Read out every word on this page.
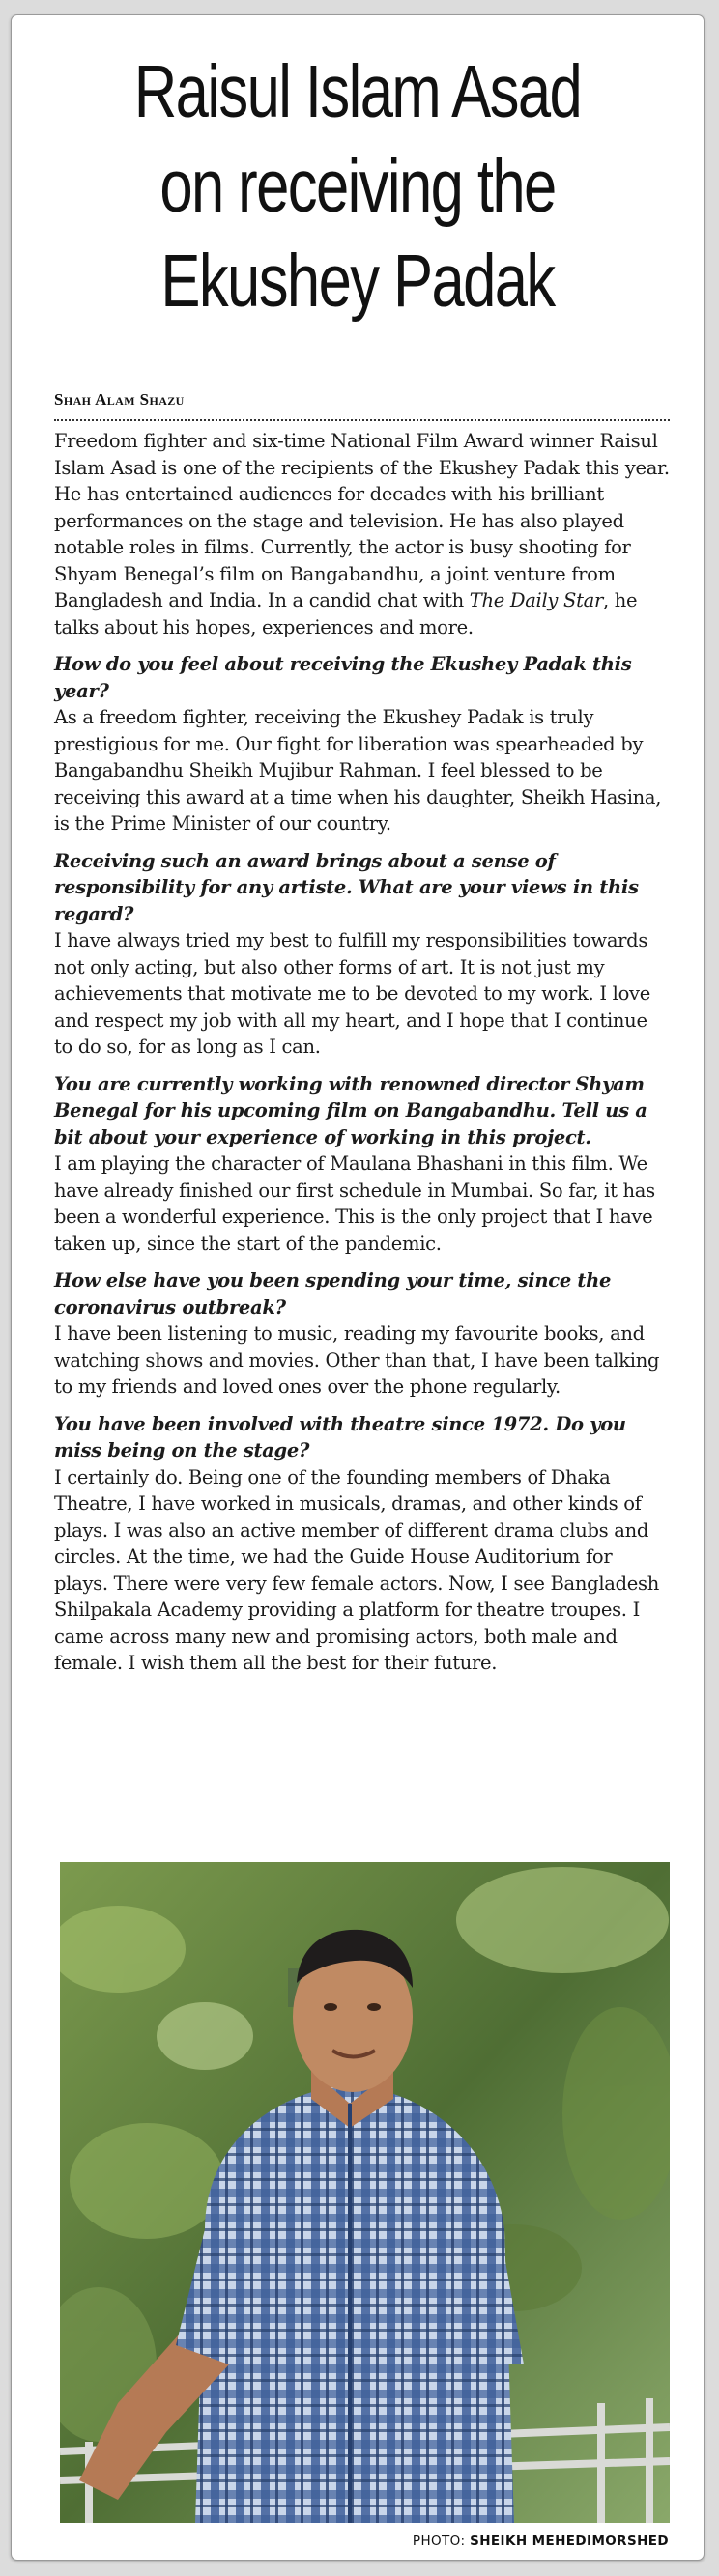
Raisul Islam Asad
on receiving the
Ekushey Padak
Shah Alam Shazu

Freedom fighter and six-time National Film Award winner Raisul Islam Asad is one of the recipients of the Ekushey Padak this year. He has entertained audiences for decades with his brilliant performances on the stage and television. He has also played notable roles in films. Currently, the actor is busy shooting for Shyam Benegal’s film on Bangabandhu, a joint venture from Bangladesh and India. In a candid chat with The Daily Star, he talks about his hopes, experiences and more.

How do you feel about receiving the Ekushey Padak this year?

As a freedom fighter, receiving the Ekushey Padak is truly prestigious for me. Our fight for liberation was spearheaded by Bangabandhu Sheikh Mujibur Rahman. I feel blessed to be receiving this award at a time when his daughter, Sheikh Hasina, is the Prime Minister of our country.

Receiving such an award brings about a sense of responsibility for any artiste. What are your views in this regard?

I have always tried my best to fulfill my responsibilities towards not only acting, but also other forms of art. It is not just my achievements that motivate me to be devoted to my work. I love and respect my job with all my heart, and I hope that I continue to do so, for as long as I can.

You are currently working with renowned director Shyam Benegal for his upcoming film on Bangabandhu. Tell us a bit about your experience of working in this project.

I am playing the character of Maulana Bhashani in this film. We have already finished our first schedule in Mumbai. So far, it has been a wonderful experience. This is the only project that I have taken up, since the start of the pandemic.

How else have you been spending your time, since the coronavirus outbreak?

I have been listening to music, reading my favourite books, and watching shows and movies. Other than that, I have been talking to my friends and loved ones over the phone regularly.

You have been involved with theatre since 1972. Do you miss being on the stage?

I certainly do. Being one of the founding members of Dhaka Theatre, I have worked in musicals, dramas, and other kinds of plays. I was also an active member of different drama clubs and circles. At the time, we had the Guide House Auditorium for plays. There were very few female actors. Now, I see Bangladesh Shilpakala Academy providing a platform for theatre troupes. I came across many new and promising actors, both male and female. I wish them all the best for their future.

PHOTO: SHEIKH MEHEDIMORSHED
